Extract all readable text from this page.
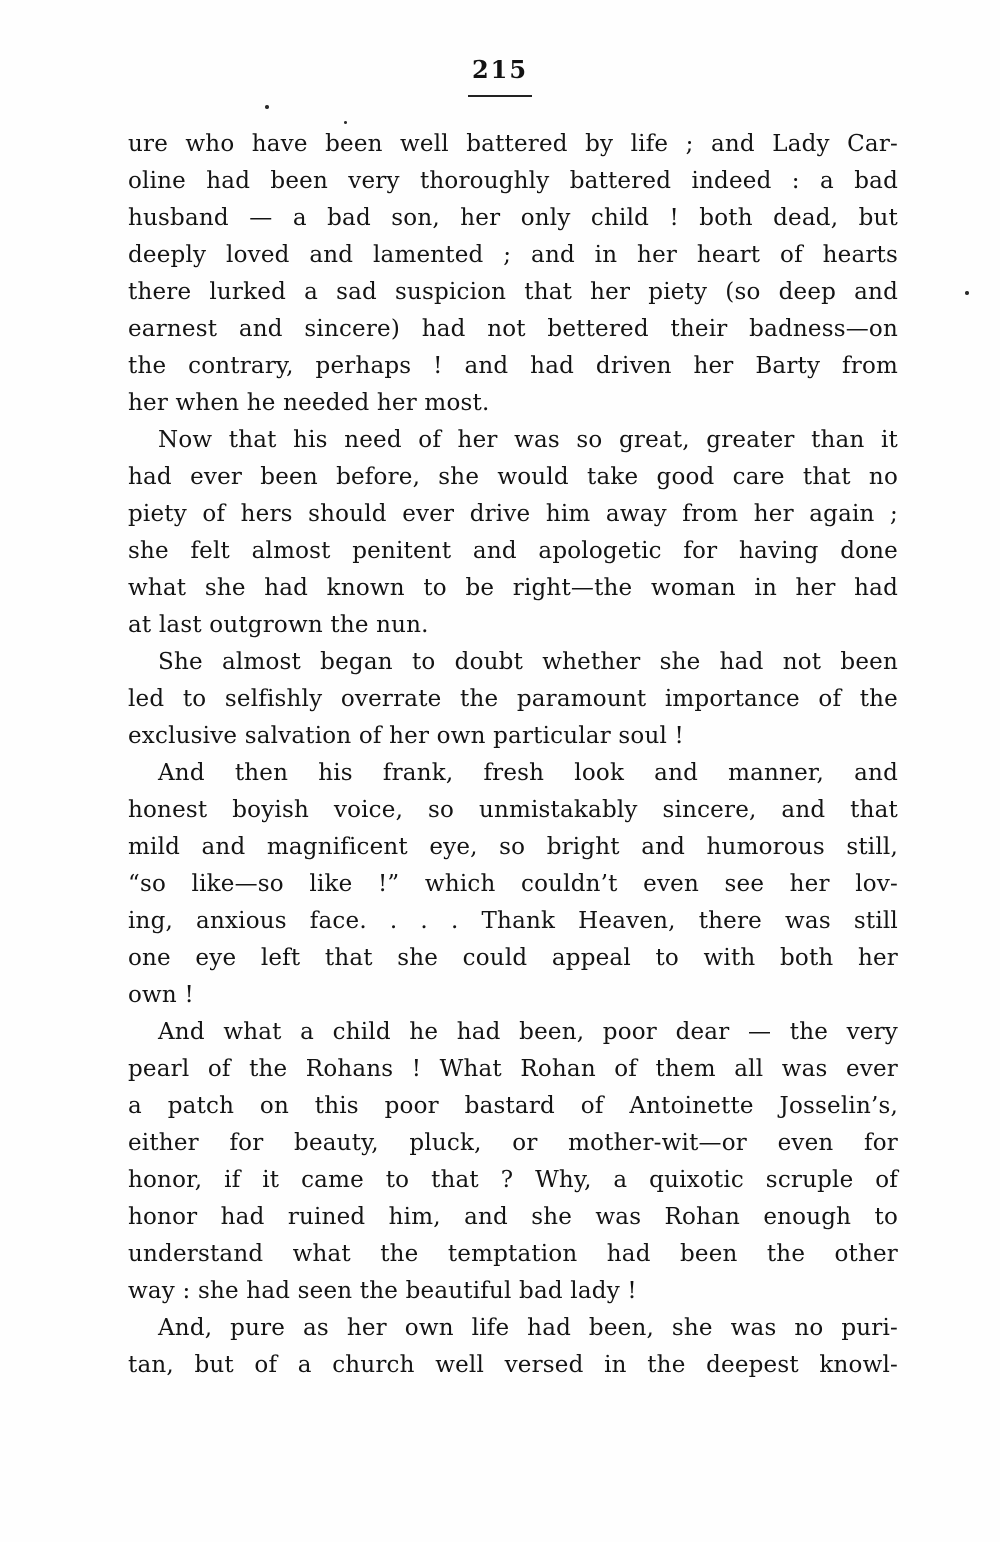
215
ure who have been well battered by life ; and Lady Car-
oline had been very thoroughly battered indeed : a bad
husband — a bad son, her only child ! both dead, but
deeply loved and lamented ; and in her heart of hearts
there lurked a sad suspicion that her piety (so deep and
earnest and sincere) had not bettered their badness—on
the contrary, perhaps ! and had driven her Barty from
her when he needed her most.
Now that his need of her was so great, greater than it
had ever been before, she would take good care that no
piety of hers should ever drive him away from her again ;
she felt almost penitent and apologetic for having done
what she had known to be right—the woman in her had
at last outgrown the nun.
She almost began to doubt whether she had not been
led to selfishly overrate the paramount importance of the
exclusive salvation of her own particular soul !
And then his frank, fresh look and manner, and
honest boyish voice, so unmistakably sincere, and that
mild and magnificent eye, so bright and humorous still,
“so like—so like !” which couldn’t even see her lov-
ing, anxious face. . . . Thank Heaven, there was still
one eye left that she could appeal to with both her
own !
And what a child he had been, poor dear — the very
pearl of the Rohans ! What Rohan of them all was ever
a patch on this poor bastard of Antoinette Josselin’s,
either for beauty, pluck, or mother-wit—or even for
honor, if it came to that ? Why, a quixotic scruple of
honor had ruined him, and she was Rohan enough to
understand what the temptation had been the other
way : she had seen the beautiful bad lady !
And, pure as her own life had been, she was no puri-
tan, but of a church well versed in the deepest knowl-
